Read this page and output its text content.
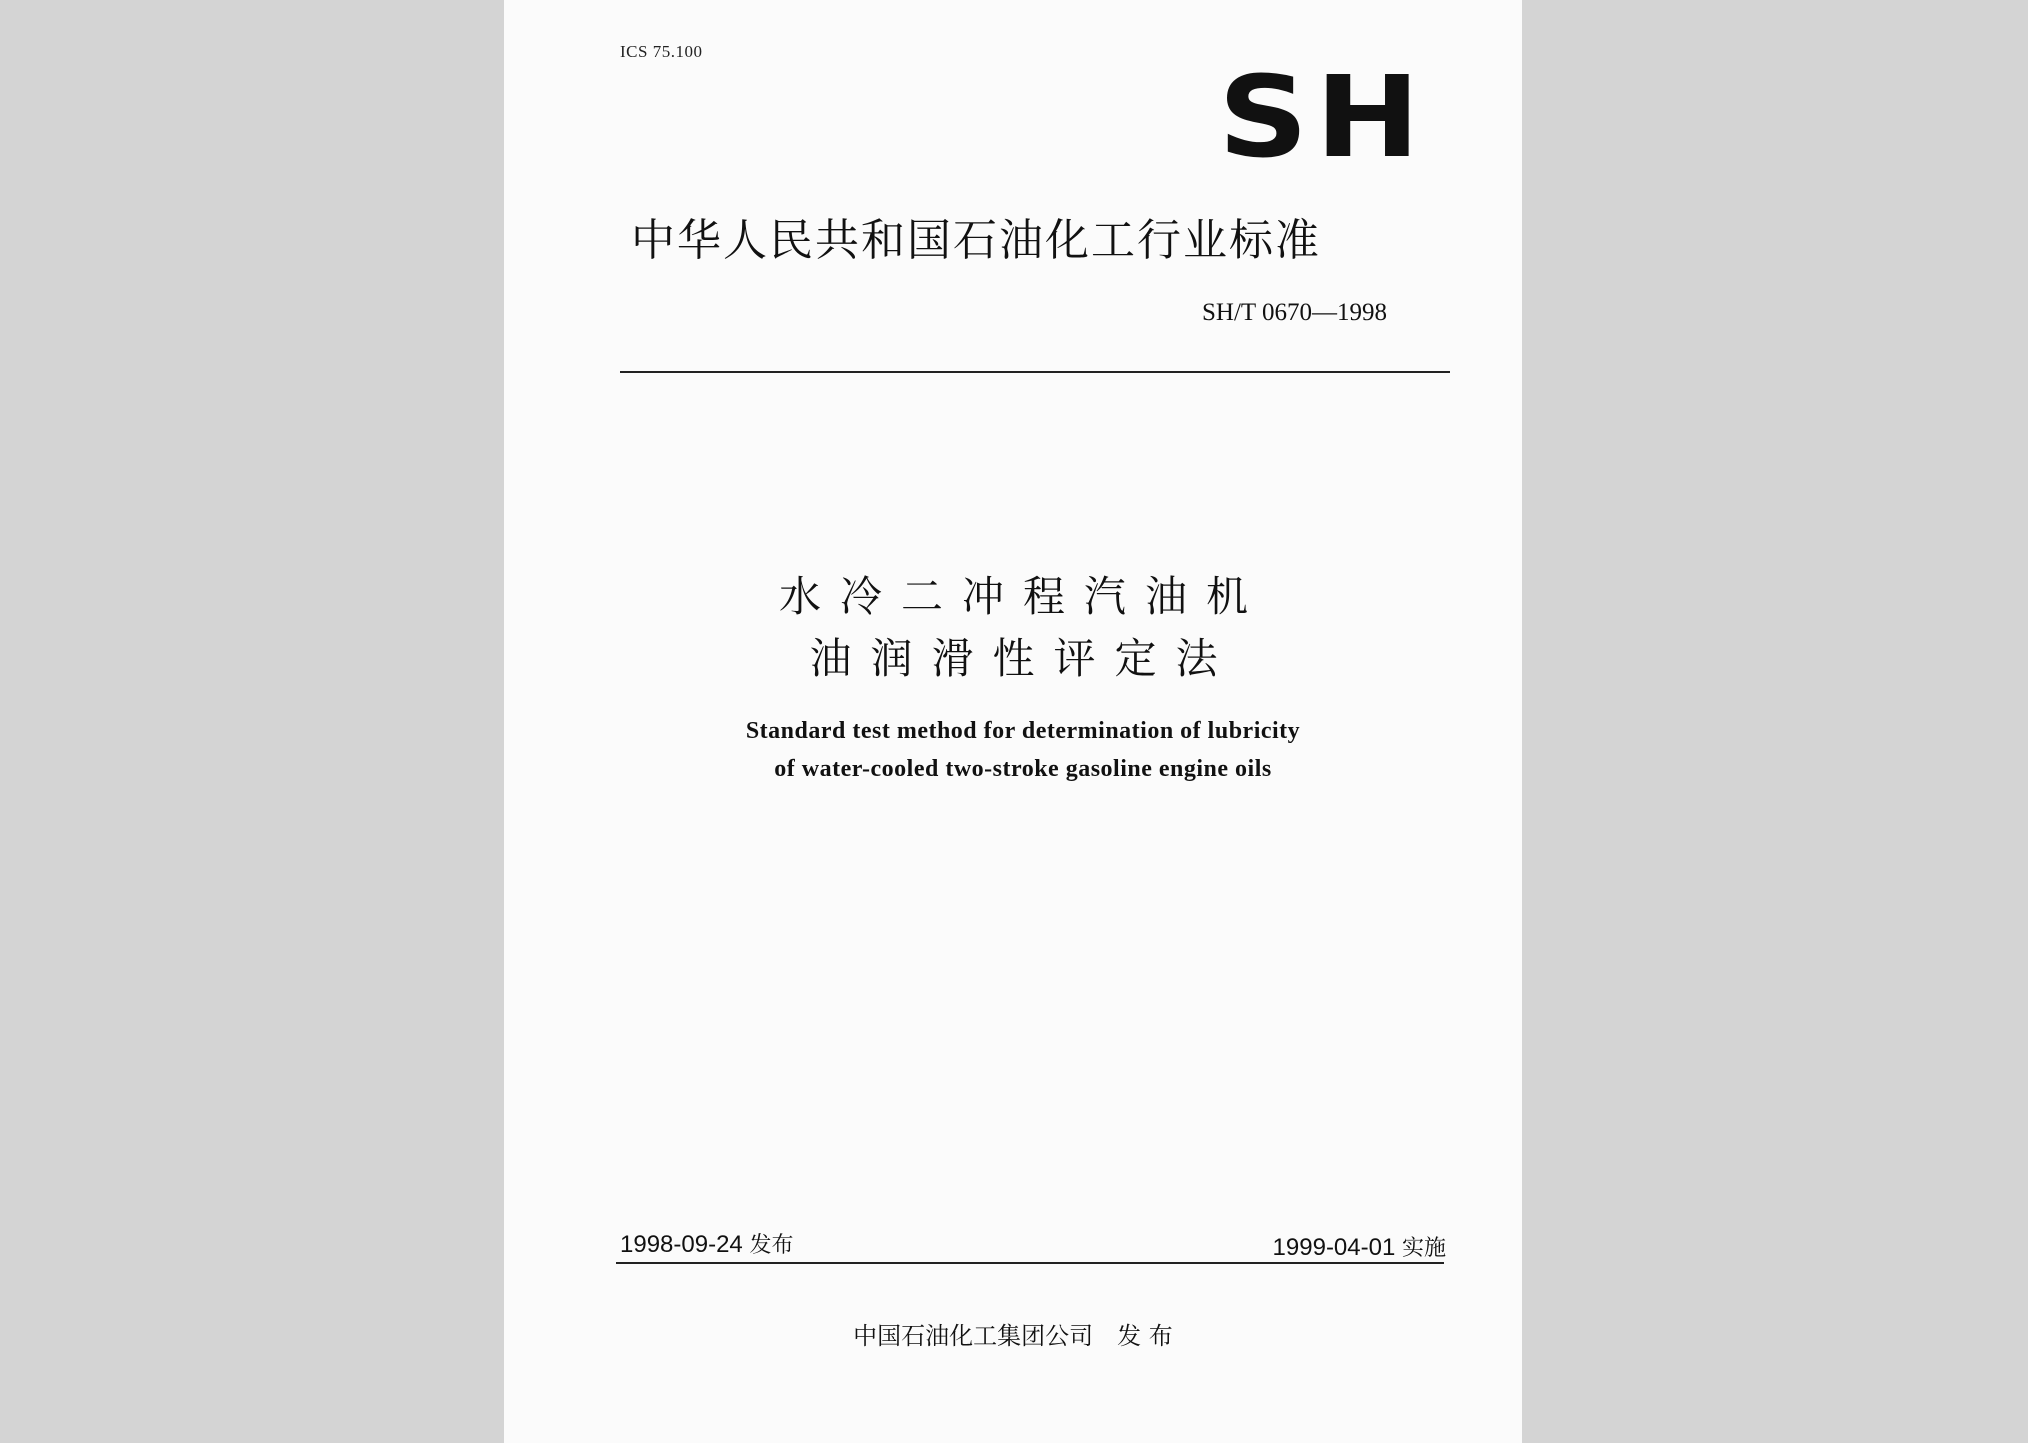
ICS 75.100
SH
中华人民共和国石油化工行业标准
SH/T 0670—1998
水冷二冲程汽油机
油润滑性评定法
Standard test method for determination of lubricity
of water-cooled two-stroke gasoline engine oils
1998-09-24 发布	1999-04-01 实施
中国石油化工集团公司 发 布
